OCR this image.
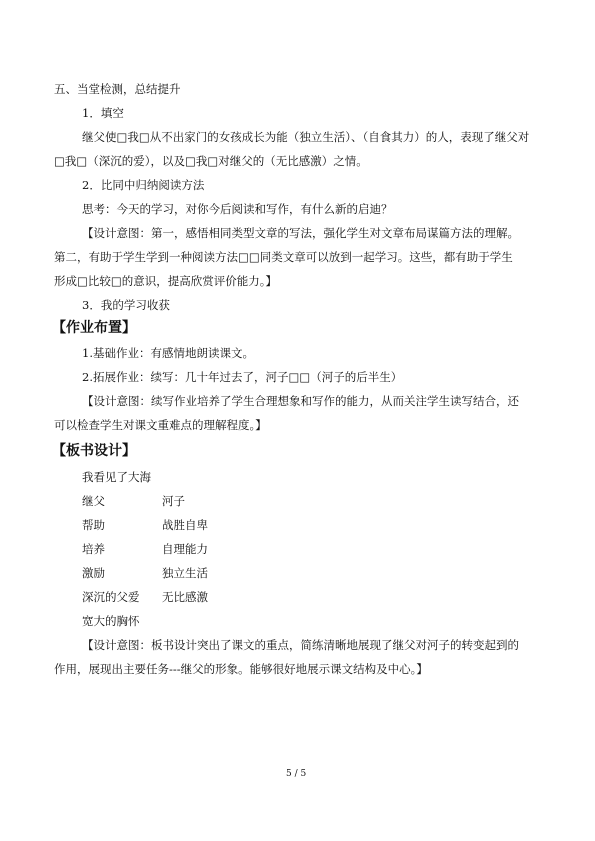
五、当堂检测，总结提升
1．填空
继父使□我□从不出家门的女孩成长为能（独立生活）、（自食其力）的人，表现了继父对
□我□（深沉的爱），以及□我□对继父的（无比感激）之情。
2．比同中归纳阅读方法
思考：今天的学习，对你今后阅读和写作，有什么新的启迪？
【设计意图：第一，感悟相同类型文章的写法，强化学生对文章布局谋篇方法的理解。
第二，有助于学生学到一种阅读方法□□同类文章可以放到一起学习。这些，都有助于学生
形成□比较□的意识，提高欣赏评价能力。】
3．我的学习收获
【作业布置】
1.基础作业：有感情地朗读课文。
2.拓展作业：续写：几十年过去了，河子□□（河子的后半生）
【设计意图：续写作业培养了学生合理想象和写作的能力，从而关注学生读写结合，还
可以检查学生对课文重难点的理解程度。】
【板书设计】
我看见了大海
继父	河子
帮助	战胜自卑
培养	自理能力
激励	独立生活
深沉的父爱 无比感激
宽大的胸怀
【设计意图：板书设计突出了课文的重点，简练清晰地展现了继父对河子的转变起到的
作用，展现出主要任务---继父的形象。能够很好地展示课文结构及中心。】
5 / 5
